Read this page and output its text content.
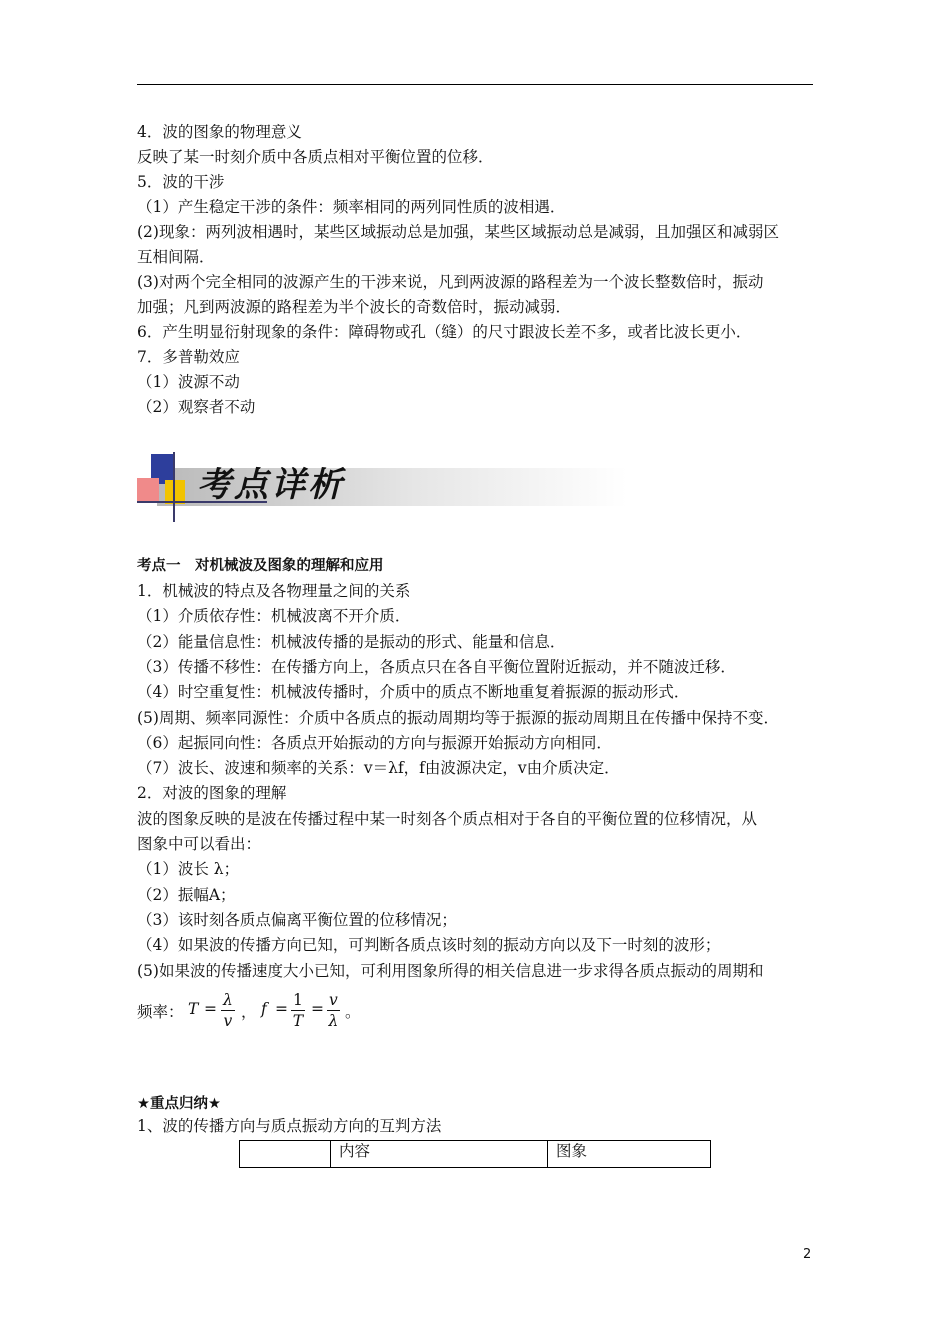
4．波的图象的物理意义
反映了某一时刻介质中各质点相对平衡位置的位移．
5．波的干涉
（1）产生稳定干涉的条件：频率相同的两列同性质的波相遇．
(2)现象：两列波相遇时，某些区域振动总是加强，某些区域振动总是减弱，且加强区和减弱区
互相间隔．
(3)对两个完全相同的波源产生的干涉来说，凡到两波源的路程差为一个波长整数倍时，振动
加强；凡到两波源的路程差为半个波长的奇数倍时，振动减弱．
6．产生明显衍射现象的条件：障碍物或孔（缝）的尺寸跟波长差不多，或者比波长更小．
7．多普勒效应
（1）波源不动
（2）观察者不动
考点详析
考点一　对机械波及图象的理解和应用
1．机械波的特点及各物理量之间的关系
（1）介质依存性：机械波离不开介质．
（2）能量信息性：机械波传播的是振动的形式、能量和信息．
（3）传播不移性：在传播方向上，各质点只在各自平衡位置附近振动，并不随波迁移．
（4）时空重复性：机械波传播时，介质中的质点不断地重复着振源的振动形式．
(5)周期、频率同源性：介质中各质点的振动周期均等于振源的振动周期且在传播中保持不变．
（6）起振同向性：各质点开始振动的方向与振源开始振动方向相同．
（7）波长、波速和频率的关系：v＝λf，f由波源决定，v由介质决定．
2．对波的图象的理解
波的图象反映的是波在传播过程中某一时刻各个质点相对于各自的平衡位置的位移情况，从
图象中可以看出：
（1）波长 λ；
（2）振幅A；
（3）该时刻各质点偏离平衡位置的位移情况；
（4）如果波的传播方向已知，可判断各质点该时刻的振动方向以及下一时刻的波形；
(5)如果波的传播速度大小已知，可利用图象所得的相关信息进一步求得各质点振动的周期和
频率： $T = \frac{\lambda}{v}$ ， $f = \frac{1}{T} = \frac{v}{\lambda}$ 。
★重点归纳★
1、波的传播方向与质点振动方向的互判方法
	内容	图象
2
